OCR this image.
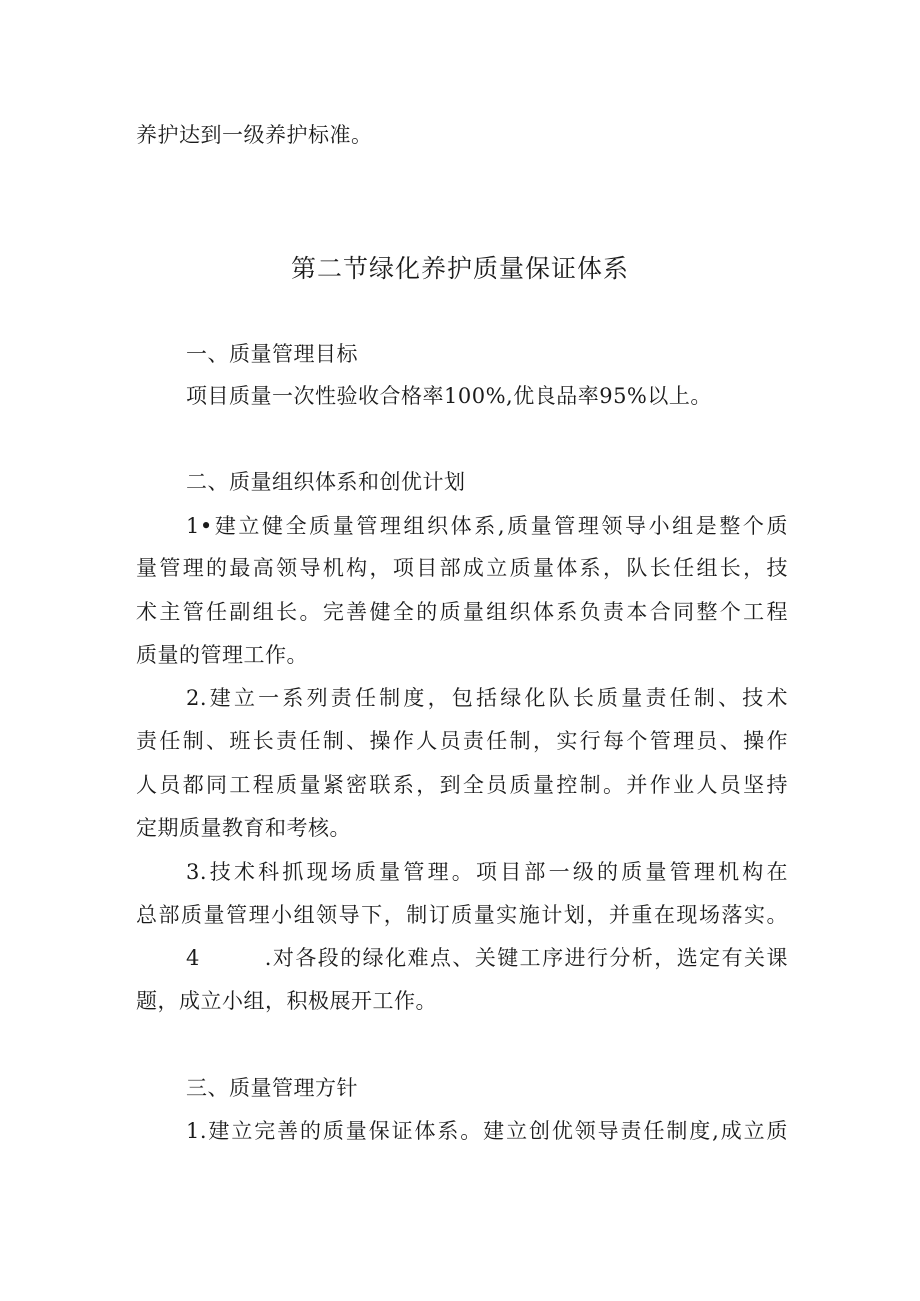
养护达到一级养护标准。
第二节绿化养护质量保证体系
一、质量管理目标
项目质量一次性验收合格率100%,优良品率95%以上。
二、质量组织体系和创优计划
1•建立健全质量管理组织体系,质量管理领导小组是整个质
量管理的最高领导机构，项目部成立质量体系，队长任组长，技
术主管任副组长。完善健全的质量组织体系负责本合同整个工程
质量的管理工作。
2.建立一系列责任制度，包括绿化队长质量责任制、技术
责任制、班长责任制、操作人员责任制，实行每个管理员、操作
人员都同工程质量紧密联系，到全员质量控制。并作业人员坚持
定期质量教育和考核。
3.技术科抓现场质量管理。项目部一级的质量管理机构在
总部质量管理小组领导下，制订质量实施计划，并重在现场落实。
4        .对各段的绿化难点、关键工序进行分析，选定有关课
题，成立小组，积极展开工作。
三、质量管理方针
1.建立完善的质量保证体系。建立创优领导责任制度,成立质
